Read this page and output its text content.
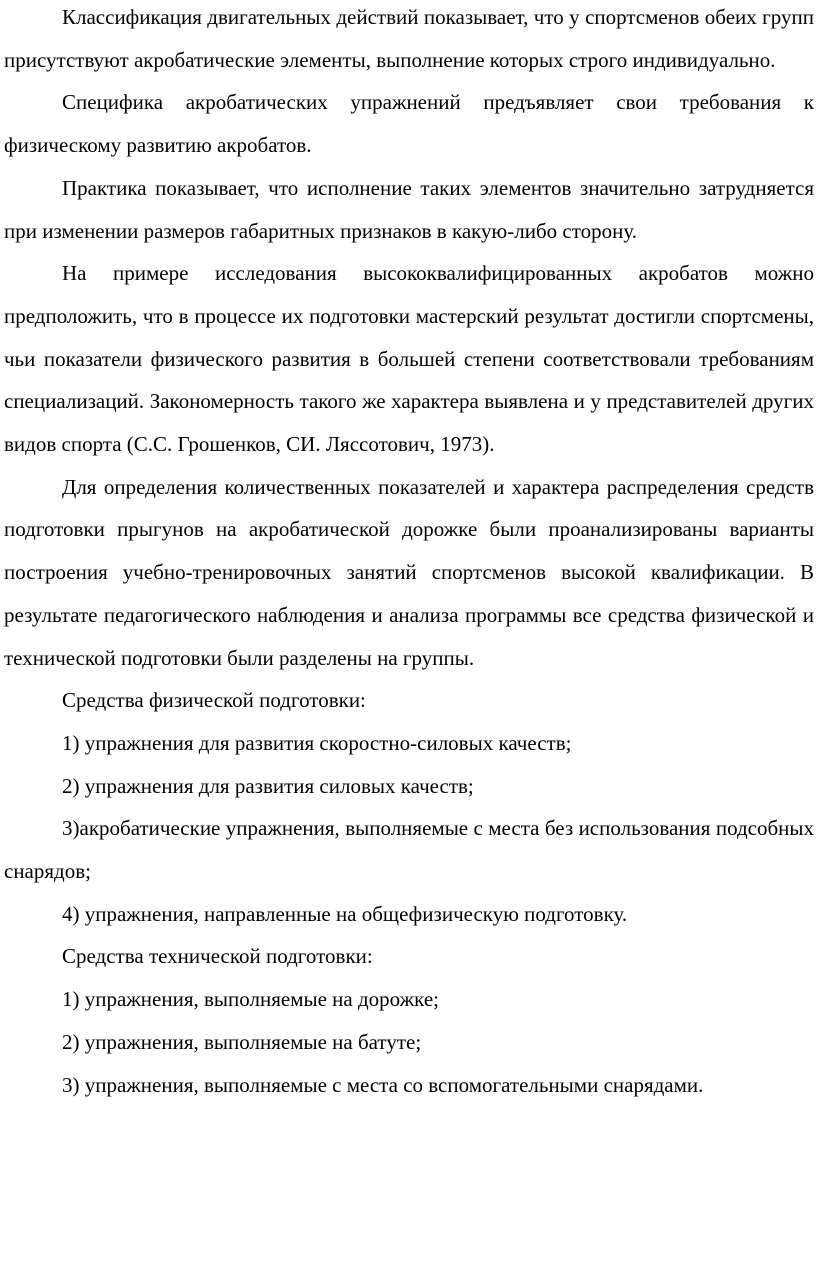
Классификация двигательных действий показывает, что у спортсменов обеих групп присутствуют акробатические элементы, выполнение которых строго индивидуально.

Специфика акробатических упражнений предъявляет свои требования к физическому развитию акробатов.

Практика показывает, что исполнение таких элементов значительно затрудняется при изменении размеров габаритных признаков в какую-либо сторону.

На примере исследования высококвалифицированных акробатов можно предположить, что в процессе их подготовки мастерский результат достигли спортсмены, чьи показатели физического развития в большей степени соответствовали требованиям специализаций. Закономерность такого же характера выявлена и у представителей других видов спорта (С.С. Грошенков, СИ. Ляссотович, 1973).

Для определения количественных показателей и характера распределения средств подготовки прыгунов на акробатической дорожке были проанализированы варианты построения учебно-тренировочных занятий спортсменов высокой квалификации. В результате педагогического наблюдения и анализа программы все средства физической и технической подготовки были разделены на группы.

Средства физической подготовки:

1) упражнения для развития скоростно-силовых качеств;

2) упражнения для развития силовых качеств;

3)акробатические упражнения, выполняемые с места без использования подсобных снарядов;

4) упражнения, направленные на общефизическую подготовку.

Средства технической подготовки:

1) упражнения, выполняемые на дорожке;

2) упражнения, выполняемые на батуте;

3) упражнения, выполняемые с места со вспомогательными снарядами.
